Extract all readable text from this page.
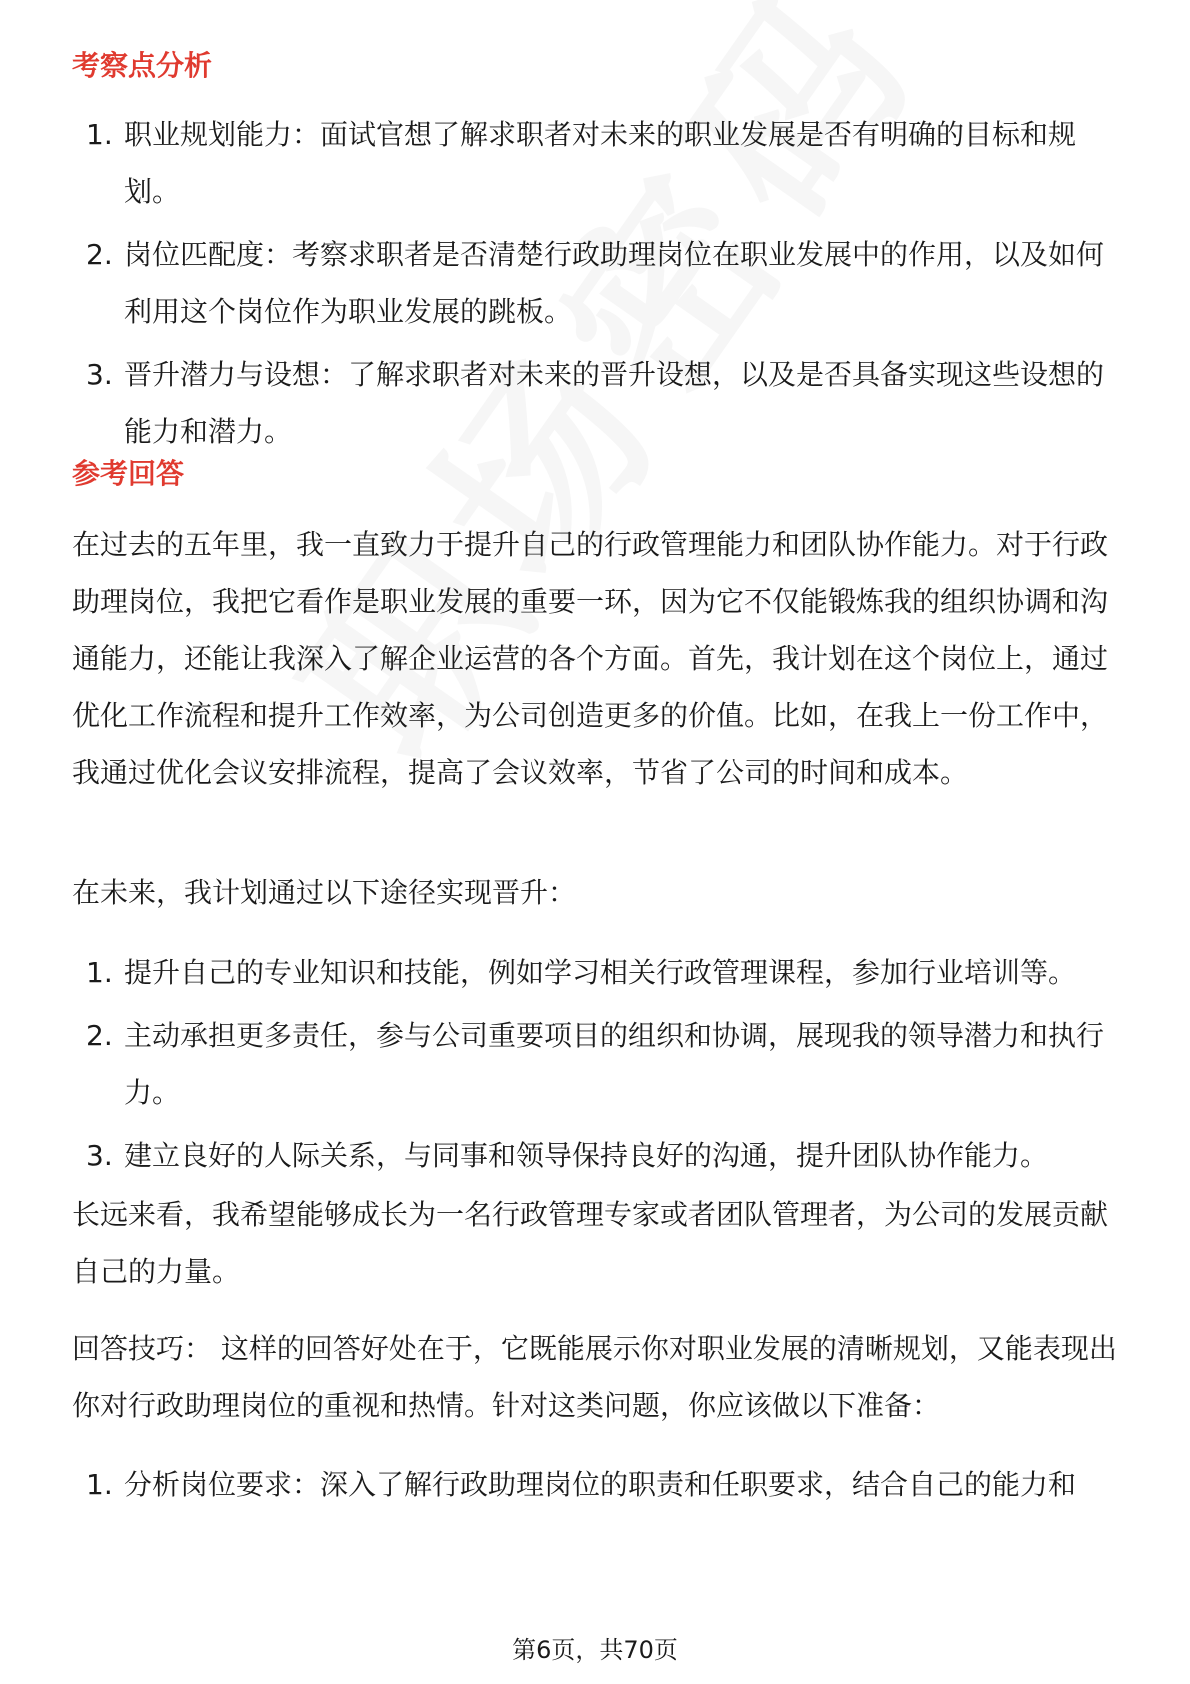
考察点分析
1. 职业规划能力：面试官想了解求职者对未来的职业发展是否有明确的目标和规划。
2. 岗位匹配度：考察求职者是否清楚行政助理岗位在职业发展中的作用，以及如何利用这个岗位作为职业发展的跳板。
3. 晋升潜力与设想：了解求职者对未来的晋升设想，以及是否具备实现这些设想的能力和潜力。
参考回答

在过去的五年里，我一直致力于提升自己的行政管理能力和团队协作能力。对于行政助理岗位，我把它看作是职业发展的重要一环，因为它不仅能锻炼我的组织协调和沟通能力，还能让我深入了解企业运营的各个方面。首先，我计划在这个岗位上，通过优化工作流程和提升工作效率，为公司创造更多的价值。比如，在我上一份工作中，我通过优化会议安排流程，提高了会议效率，节省了公司的时间和成本。

在未来，我计划通过以下途径实现晋升：

1. 提升自己的专业知识和技能，例如学习相关行政管理课程，参加行业培训等。
2. 主动承担更多责任，参与公司重要项目的组织和协调，展现我的领导潜力和执行力。
3. 建立良好的人际关系，与同事和领导保持良好的沟通，提升团队协作能力。

长远来看，我希望能够成长为一名行政管理专家或者团队管理者，为公司的发展贡献自己的力量。

回答技巧： 这样的回答好处在于，它既能展示你对职业发展的清晰规划，又能表现出你对行政助理岗位的重视和热情。针对这类问题，你应该做以下准备：

1. 分析岗位要求：深入了解行政助理岗位的职责和任职要求，结合自己的能力和
第6页，共70页
